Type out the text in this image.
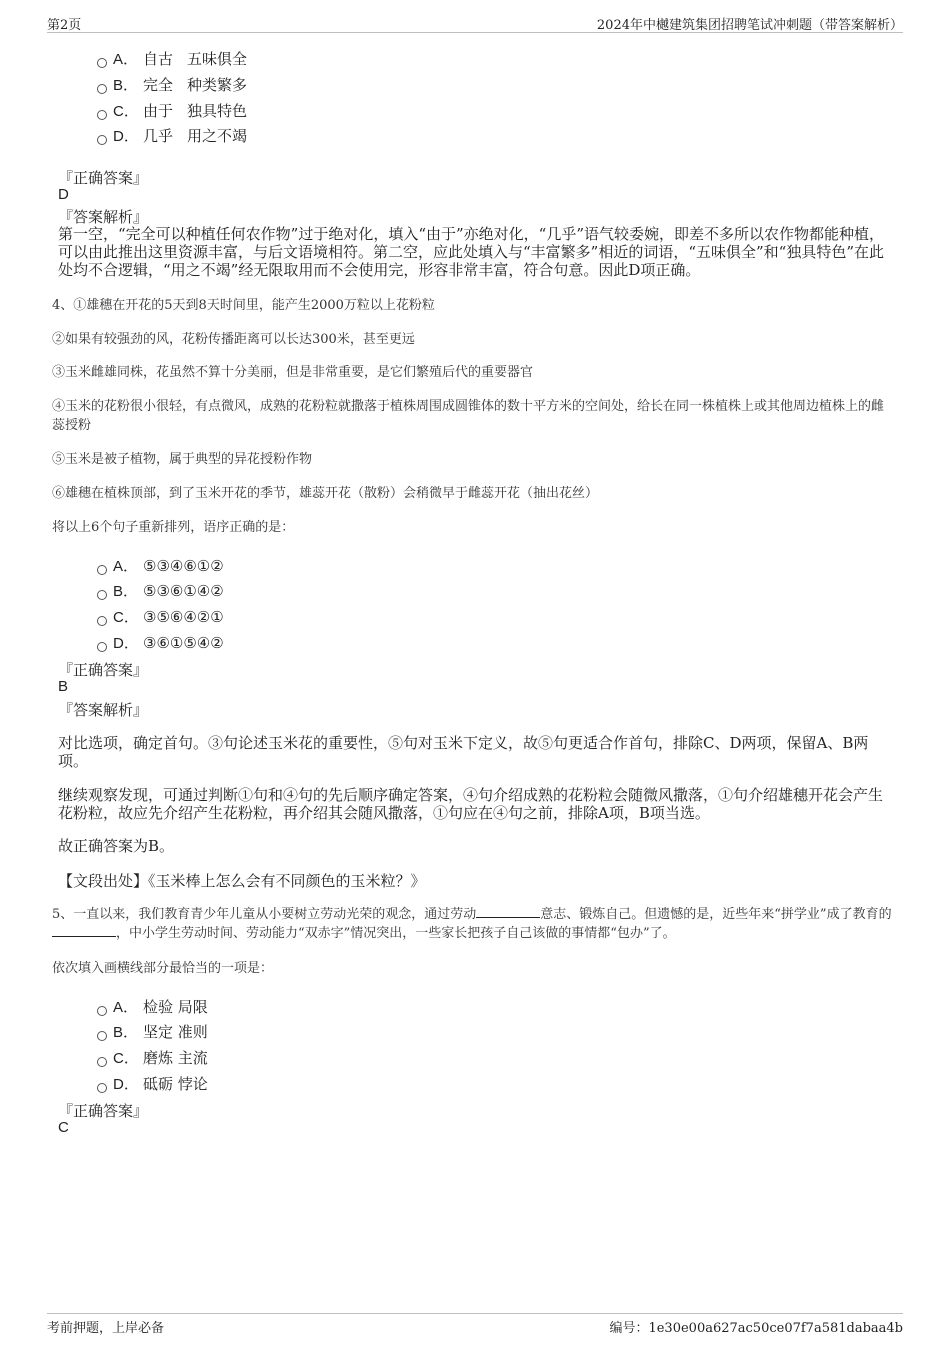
第2页	2024年中樾建筑集团招聘笔试冲刺题（带答案解析）
A． 自古 五味俱全
B． 完全 种类繁多
C． 由于 独具特色
D． 几乎 用之不竭
『正确答案』
D
『答案解析』
第一空，“完全可以种植任何农作物”过于绝对化，填入“由于”亦绝对化，“几乎”语气较委婉，即差不多所以农作物都能种植，可以由此推出这里资源丰富，与后文语境相符。第二空，应此处填入与“丰富繁多”相近的词语，“五味俱全”和“独具特色”在此处均不合逻辑，“用之不竭”经无限取用而不会使用完，形容非常丰富，符合句意。因此D项正确。
4、①雄穗在开花的5天到8天时间里，能产生2000万粒以上花粉粒
②如果有较强劲的风，花粉传播距离可以长达300米，甚至更远
③玉米雌雄同株，花虽然不算十分美丽，但是非常重要，是它们繁殖后代的重要器官
④玉米的花粉很小很轻，有点微风，成熟的花粉粒就撒落于植株周围成圆锥体的数十平方米的空间处，给长在同一株植株上或其他周边植株上的雌蕊授粉
⑤玉米是被子植物，属于典型的异花授粉作物
⑥雄穗在植株顶部，到了玉米开花的季节，雄蕊开花（散粉）会稍微早于雌蕊开花（抽出花丝）
将以上6个句子重新排列，语序正确的是：
A． ⑤③④⑥①②
B． ⑤③⑥①④②
C． ③⑤⑥④②①
D． ③⑥①⑤④②
『正确答案』
B
『答案解析』
对比选项，确定首句。③句论述玉米花的重要性，⑤句对玉米下定义，故⑤句更适合作首句，排除C、D两项，保留A、B两项。
继续观察发现，可通过判断①句和④句的先后顺序确定答案，④句介绍成熟的花粉粒会随微风撒落，①句介绍雄穗开花会产生花粉粒，故应先介绍产生花粉粒，再介绍其会随风撒落，①句应在④句之前，排除A项，B项当选。
故正确答案为B。
【文段出处】《玉米棒上怎么会有不同颜色的玉米粒？》
5、一直以来，我们教育青少年儿童从小要树立劳动光荣的观念，通过劳动	意志、锻炼自己。但遗憾的是，近些年来“拼学业”成了教育的，中小学生劳动时间、劳动能力“双赤字”情况突出，一些家长把孩子自己该做的事情都“包办”了。
依次填入画横线部分最恰当的一项是：
A． 检验 局限
B． 坚定 准则
C． 磨炼 主流
D． 砥砺 悖论
『正确答案』
C
考前押题，上岸必备	编号：1e30e00a627ac50ce07f7a581dabaa4b
